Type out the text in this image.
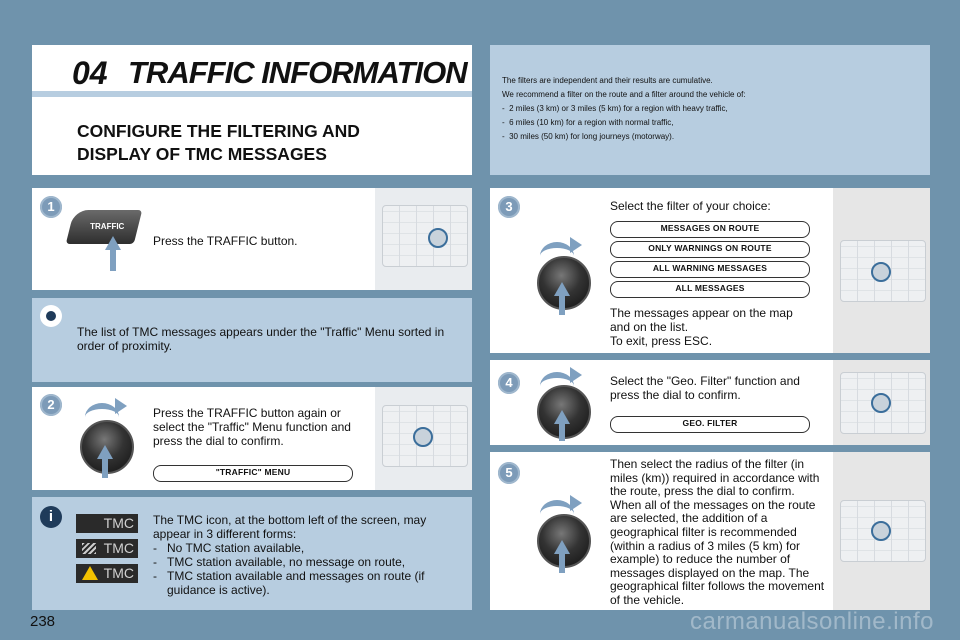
04 TRAFFIC INFORMATION
CONFIGURE THE FILTERING AND
DISPLAY OF TMC MESSAGES
The filters are independent and their results are cumulative.
We recommend a filter on the route and a filter around the vehicle of:
-  2 miles (3 km) or 3 miles (5 km) for a region with heavy traffic,
-  6 miles (10 km) for a region with normal traffic,
-  30 miles (50 km) for long journeys (motorway).
1
TRAFFIC
Press the TRAFFIC button.
The list of TMC messages appears under the "Traffic" Menu sorted in order of proximity.
2
Press the TRAFFIC button again or select the "Traffic" Menu function and press the dial to confirm.
"TRAFFIC" MENU
i	TMC
TMC
TMC
The TMC icon, at the bottom left of the screen, may appear in 3 different forms:
-   No TMC station available,
-   TMC station available, no message on route,
-   TMC station available and messages on route (if guidance is active).
3	Select the filter of your choice:
MESSAGES ON ROUTE
ONLY WARNINGS ON ROUTE
ALL WARNING MESSAGES
ALL MESSAGES
The messages appear on the map and on the list.
To exit, press ESC.
4	Select the "Geo. Filter" function and press the dial to confirm.
GEO. FILTER
5
Then select the radius of the filter (in miles (km)) required in accordance with the route, press the dial to confirm. When all of the messages on the route are selected, the addition of a geographical filter is recommended (within a radius of 3 miles (5 km) for example) to reduce the number of messages displayed on the map. The geographical filter follows the movement of the vehicle.
238	carmanualsonline.info
